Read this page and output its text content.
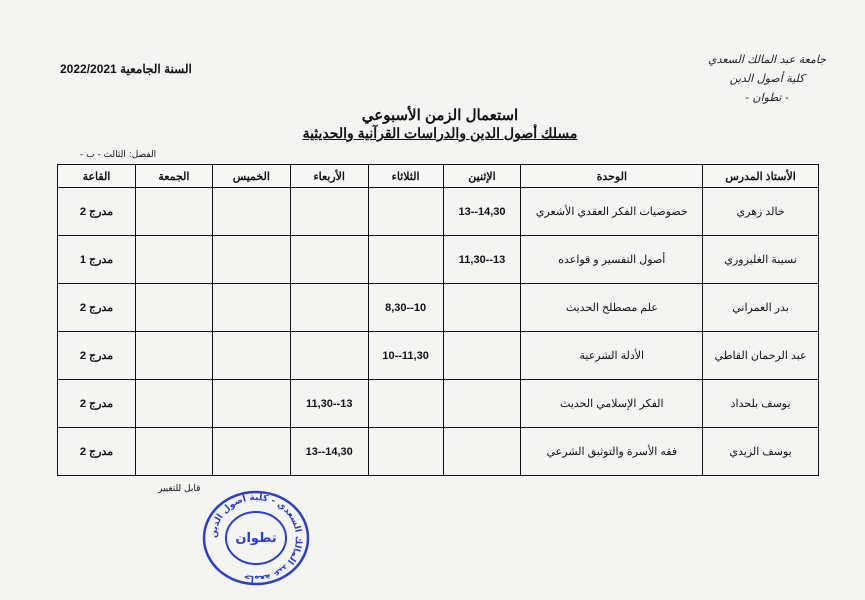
جامعة عبد المالك السعدي
كلية أصول الدين
- تطوان -
السنة الجامعية 2022/2021
استعمال الزمن الأسبوعي
مسلك أصول الدين والدراسات القرآنية والحديثية
الفصل: الثالث - ب -
الأستاذ المدرس	الوحدة	الإثنين	الثلاثاء	الأربعاء	الخميس	الجمعة	القاعة
خالد زهري	خصوصيات الفكر العقدي الأشعري	13--14,30					مدرج 2
نسيبة الغليزوري	أصول التفسير و قواعده	11,30--13					مدرج 1
بدر العمراني	علم مصطلح الحديث		8,30--10				مدرج 2
عبد الرحمان القاطي	الأدلة الشرعية		10--11,30				مدرج 2
يوسف بلحداد	الفكر الإسلامي الحديث			11,30--13			مدرج 2
يوسف الزيدي	فقه الأسرة والتوثيق الشرعي			13--14,30			مدرج 2
قابل للتغيير
جامعة عبد المالك السعدي - كلية أصول الدين
تطوان
